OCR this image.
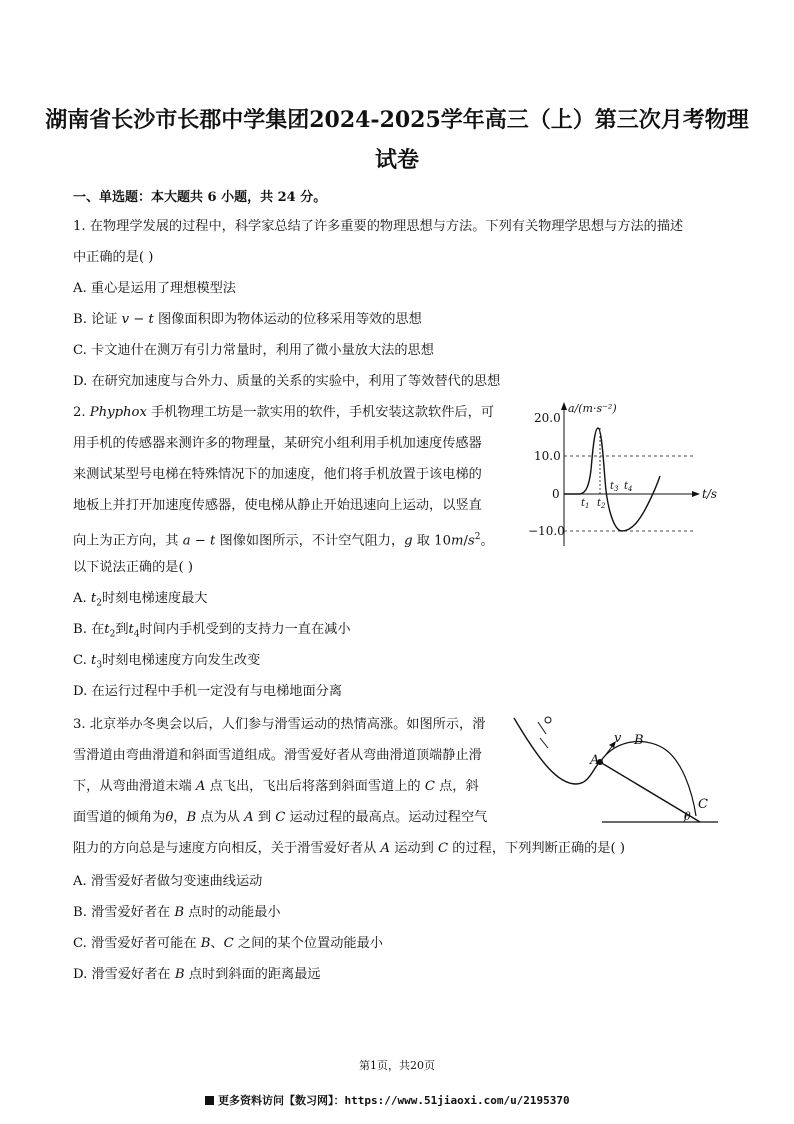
湖南省长沙市长郡中学集团2024-2025学年高三（上）第三次月考物理
试卷
一、单选题：本大题共 6 小题，共 24 分。
1. 在物理学发展的过程中，科学家总结了许多重要的物理思想与方法。下列有关物理学思想与方法的描述
中正确的是( )
A. 重心是运用了理想模型法
B. 论证 v − t 图像面积即为物体运动的位移采用等效的思想
C. 卡文迪什在测万有引力常量时，利用了微小量放大法的思想
D. 在研究加速度与合外力、质量的关系的实验中，利用了等效替代的思想
2. Phyphox 手机物理工坊是一款实用的软件，手机安装这款软件后，可
用手机的传感器来测许多的物理量，某研究小组利用手机加速度传感器
来测试某型号电梯在特殊情况下的加速度，他们将手机放置于该电梯的
地板上并打开加速度传感器，使电梯从静止开始迅速向上运动，以竖直
向上为正方向，其 a − t 图像如图所示，不计空气阻力，g 取 $10m/s^2$。
以下说法正确的是( )
A. $t_2$时刻电梯速度最大
B. 在$t_2$到$t_4$时间内手机受到的支持力一直在减小
C. $t_3$时刻电梯速度方向发生改变
D. 在运行过程中手机一定没有与电梯地面分离
3. 北京举办冬奥会以后，人们参与滑雪运动的热情高涨。如图所示，滑
雪滑道由弯曲滑道和斜面雪道组成。滑雪爱好者从弯曲滑道顶端静止滑
下，从弯曲滑道末端 A 点飞出，飞出后将落到斜面雪道上的 C 点，斜
面雪道的倾角为θ，B 点为从 A 到 C 运动过程的最高点。运动过程空气
阻力的方向总是与速度方向相反，关于滑雪爱好者从 A 运动到 C 的过程，下列判断正确的是( )
A. 滑雪爱好者做匀变速曲线运动
B. 滑雪爱好者在 B 点时的动能最小
C. 滑雪爱好者可能在 B、C 之间的某个位置动能最小
D. 滑雪爱好者在 B 点时到斜面的距离最远
20.0
10.0
0
−10.0
a/(m·s⁻²)
t/s
$t_1$ $t_2$
$t_3$ $t_4$
A
v B
C
θ
第1页，共20页
更多资料访问【数习网】：https://www.51jiaoxi.com/u/2195370
